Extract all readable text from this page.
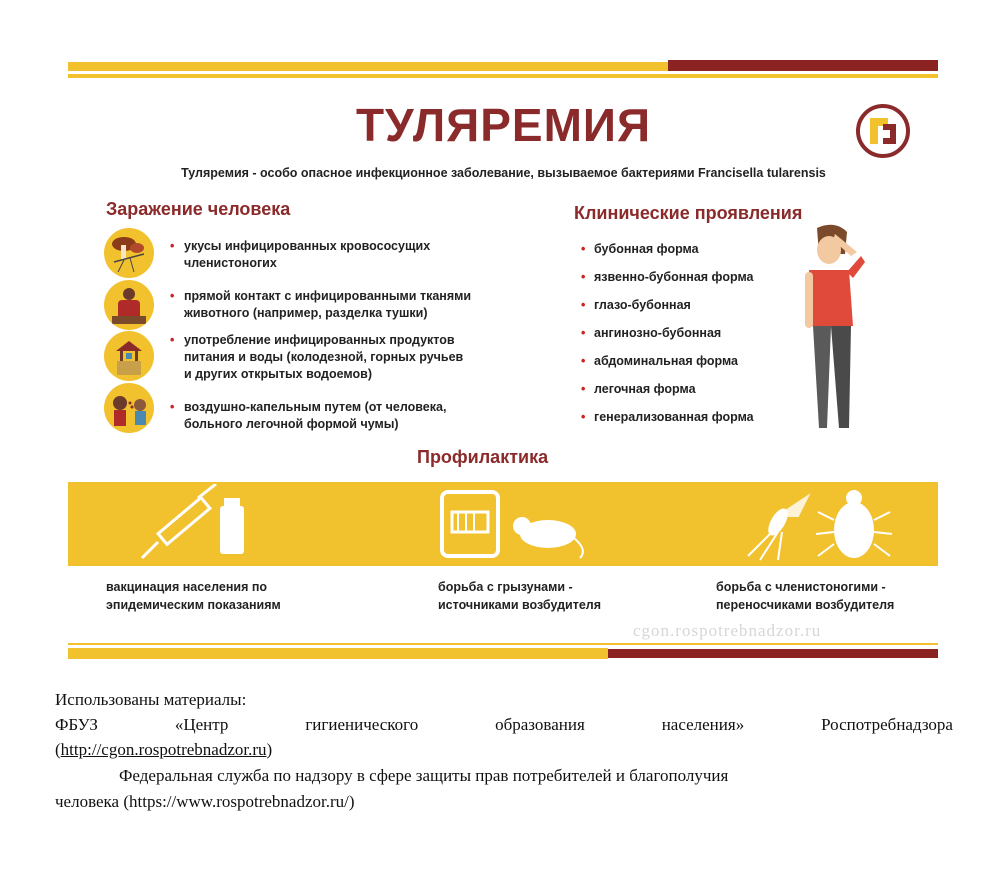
ТУЛЯРЕМИЯ
Туляремия - особо опасное инфекционное заболевание, вызываемое бактериями Francisella tularensis
Заражение человека
• укусы инфицированных кровососущих
членистоногих
• прямой контакт с инфицированными тканями
животного (например, разделка тушки)
• употребление инфицированных продуктов
питания и воды (колодезной, горных ручьев
и других открытых водоемов)
• воздушно-капельным путем (от человека,
больного легочной формой чумы)
Клинические проявления
• бубонная форма
• язвенно-бубонная форма
• глазо-бубонная
• ангинозно-бубонная
• абдоминальная форма
• легочная форма
• генерализованная форма
Профилактика
вакцинация населения по
эпидемическим показаниям
борьба с грызунами -
источниками возбудителя
борьба с членистоногими -
переносчиками возбудителя
cgon.rospotrebnadzor.ru
Использованы материалы:
ФБУЗ	«Центр	гигиенического	образования	населения»	Роспотребнадзора
(http://cgon.rospotrebnadzor.ru)
Федеральная служба по надзору в сфере защиты прав потребителей и благополучия
человека (https://www.rospotrebnadzor.ru/)
